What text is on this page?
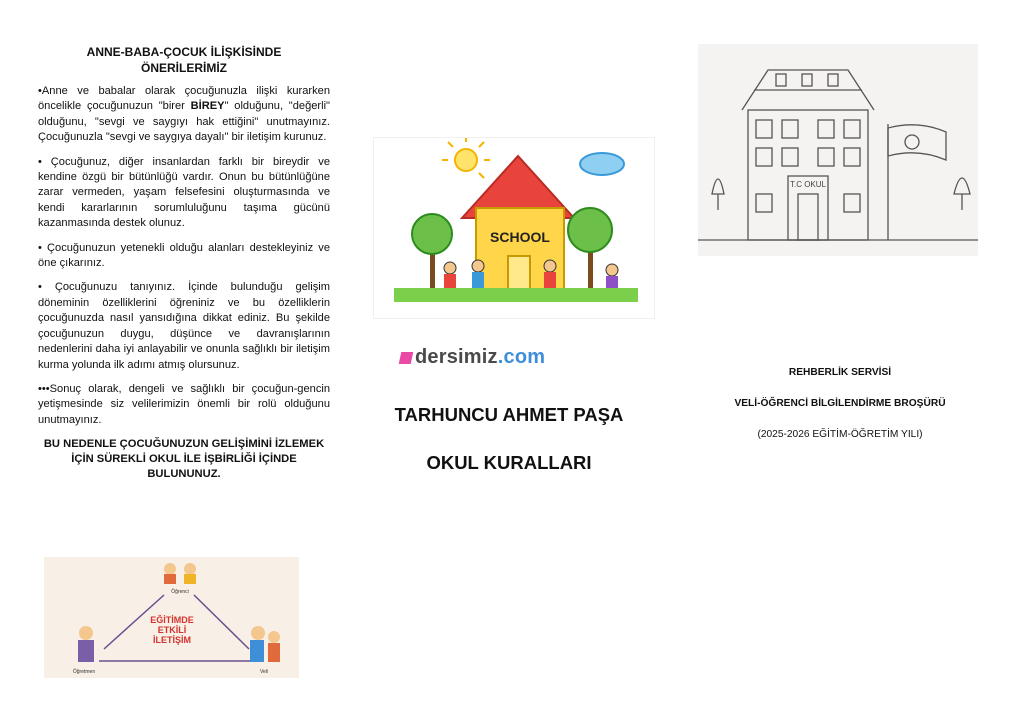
ANNE-BABA-ÇOCUK İLİŞKİSİNDE
ÖNERİLERİMİZ

•Anne ve babalar olarak çocuğunuzla ilişki kurarken öncelikle çocuğunuzun "birer BİREY" olduğunu, "değerli" olduğunu, "sevgi ve saygıyı hak ettiğini" unutmayınız. Çocuğunuzla "sevgi ve saygıya dayalı" bir iletişim kurunuz.

• Çocuğunuz, diğer insanlardan farklı bir bireydir ve kendine özgü bir bütünlüğü vardır. Onun bu bütünlüğüne zarar vermeden, yaşam felsefesini oluşturmasında ve kendi kararlarının sorumluluğunu taşıma gücünü kazanmasında destek olunuz.

• Çocuğunuzun yetenekli olduğu alanları destekleyiniz ve öne çıkarınız.

• Çocuğunuzu tanıyınız. İçinde bulunduğu gelişim döneminin özelliklerini öğreniniz ve bu özelliklerin çocuğunuzda nasıl yansıdığına dikkat ediniz. Bu şekilde çocuğunuzun duygu, düşünce ve davranışlarının nedenlerini daha iyi anlayabilir ve onunla sağlıklı bir iletişim kurma yolunda ilk adımı atmış olursunuz.

•••Sonuç olarak, dengeli ve sağlıklı bir çocuğun-gencin yetişmesinde siz velilerimizin önemli bir rolü olduğunu unutmayınız.

BU NEDENLE ÇOCUĞUNUZUN GELİŞİMİNİ İZLEMEK İÇİN SÜREKLİ OKUL İLE İŞBİRLİĞİ İÇİNDE BULUNUNUZ.
EĞİTİMDE
ETKİLİ
İLETİŞİM
Öğrenci
Öğretmen	Veli
SCHOOL
dersimiz.com
TARHUNCU AHMET PAŞA
OKUL KURALLARI
T.C OKUL
REHBERLİK SERVİSİ
VELİ-ÖĞRENCİ BİLGİLENDİRME BROŞÜRÜ
(2025-2026 EĞİTİM-ÖĞRETİM YILI)
